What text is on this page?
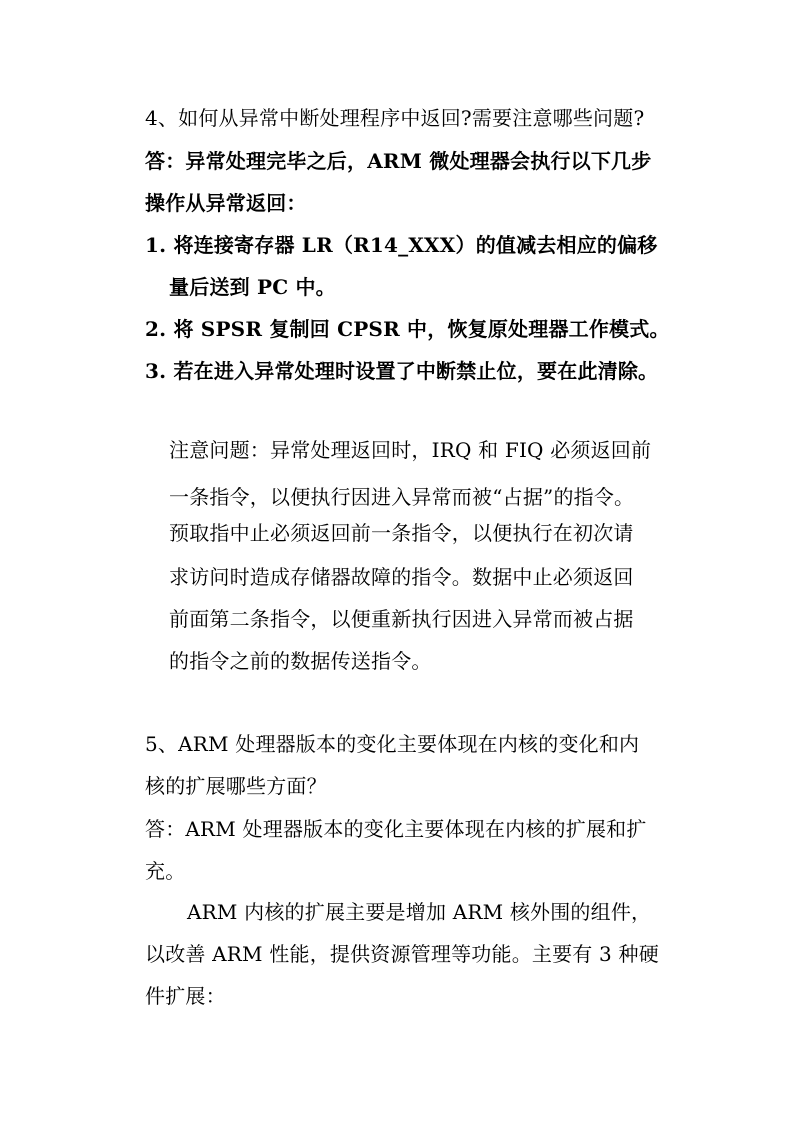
4、如何从异常中断处理程序中返回?需要注意哪些问题?

答：异常处理完毕之后，ARM 微处理器会执行以下几步

操作从异常返回：

1. 将连接寄存器 LR（R14_XXX）的值减去相应的偏移

量后送到 PC 中。

2. 将 SPSR 复制回 CPSR 中，恢复原处理器工作模式。

3. 若在进入异常处理时设置了中断禁止位，要在此清除。

注意问题：异常处理返回时，IRQ 和 FIQ 必须返回前

一条指令，以便执行因进入异常而被“占据”的指令。

预取指中止必须返回前一条指令，以便执行在初次请

求访问时造成存储器故障的指令。数据中止必须返回

前面第二条指令，以便重新执行因进入异常而被占据

的指令之前的数据传送指令。

5、ARM 处理器版本的变化主要体现在内核的变化和内

核的扩展哪些方面？

答：ARM 处理器版本的变化主要体现在内核的扩展和扩

充。

ARM 内核的扩展主要是增加 ARM 核外围的组件，

以改善 ARM 性能，提供资源管理等功能。主要有 3 种硬

件扩展：
